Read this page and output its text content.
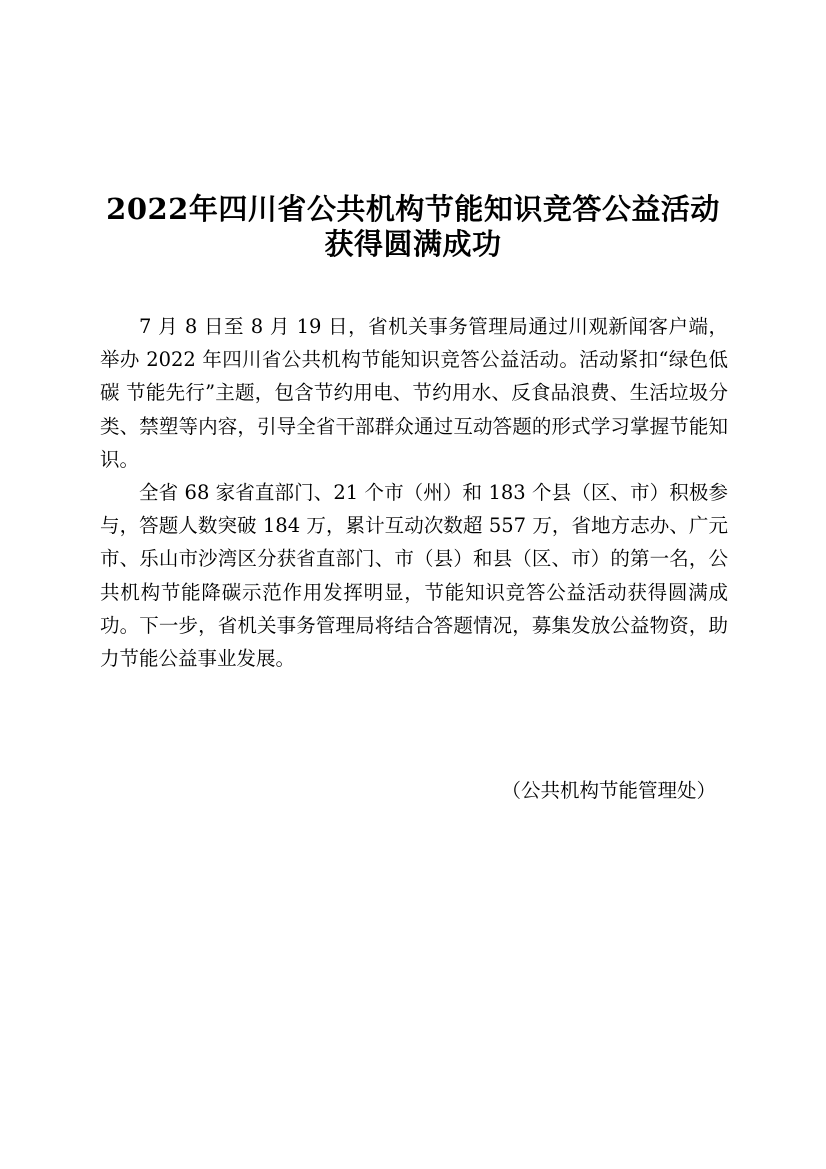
2022年四川省公共机构节能知识竞答公益活动
获得圆满成功

7 月 8 日至 8 月 19 日，省机关事务管理局通过川观新闻客户端，举办 2022 年四川省公共机构节能知识竞答公益活动。活动紧扣“绿色低碳 节能先行”主题，包含节约用电、节约用水、反食品浪费、生活垃圾分类、禁塑等内容，引导全省干部群众通过互动答题的形式学习掌握节能知识。

全省 68 家省直部门、21 个市（州）和 183 个县（区、市）积极参与，答题人数突破 184 万，累计互动次数超 557 万，省地方志办、广元市、乐山市沙湾区分获省直部门、市（县）和县（区、市）的第一名，公共机构节能降碳示范作用发挥明显，节能知识竞答公益活动获得圆满成功。下一步，省机关事务管理局将结合答题情况，募集发放公益物资，助力节能公益事业发展。

（公共机构节能管理处）
